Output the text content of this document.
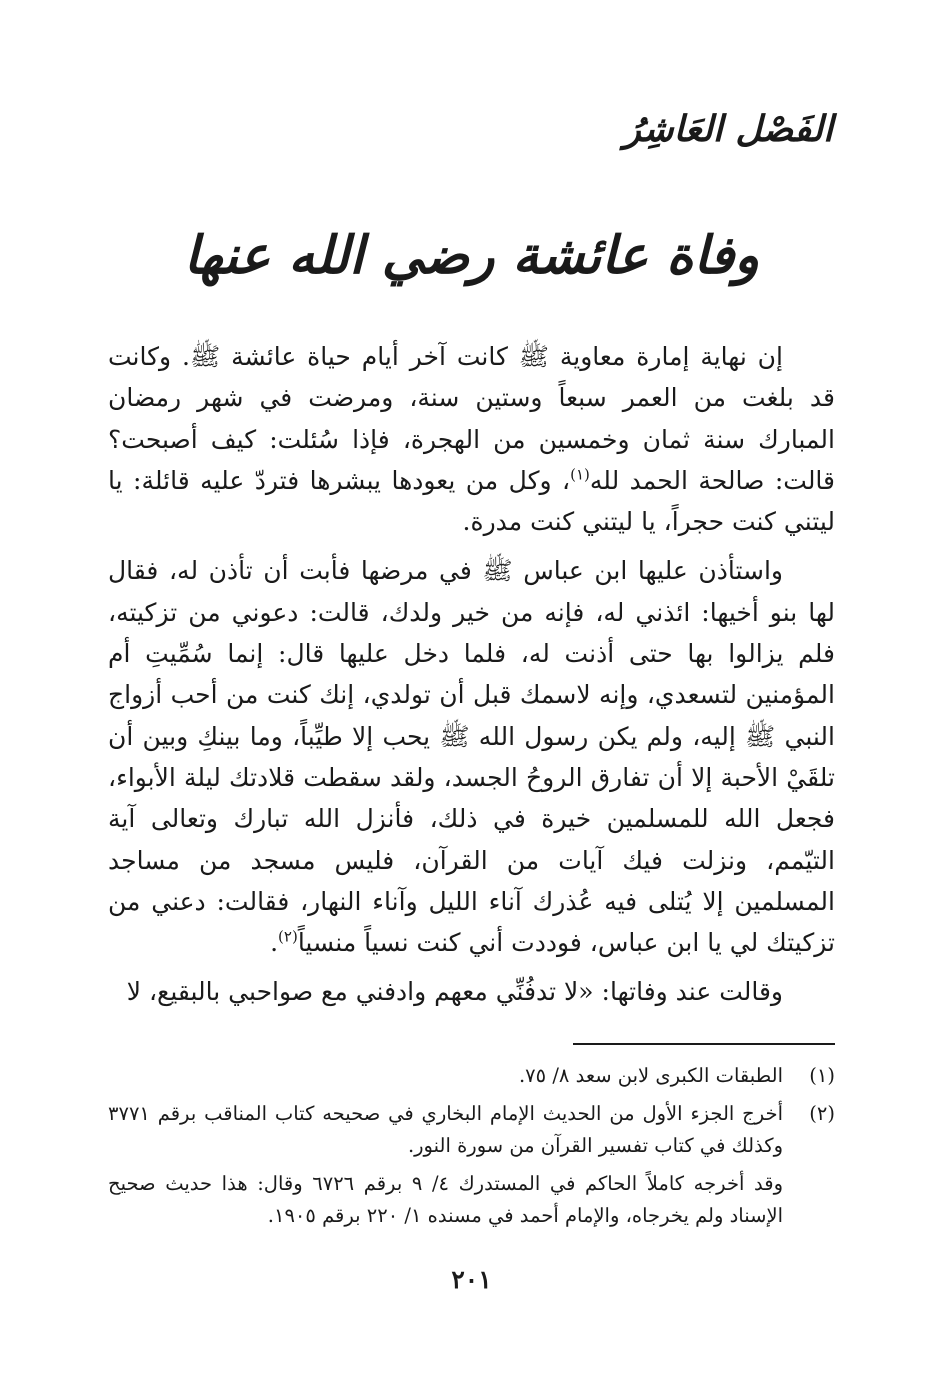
الفَصْل العَاشِرُ
وفاة عائشة رضي الله عنها

إن نهاية إمارة معاوية ﷺ كانت آخر أيام حياة عائشة ﷺ. وكانت قد بلغت من العمر سبعاً وستين سنة، ومرضت في شهر رمضان المبارك سنة ثمان وخمسين من الهجرة، فإذا سُئلت: كيف أصبحت؟ قالت: صالحة الحمد لله$^{(١)}$، وكل من يعودها يبشرها فتردّ عليه قائلة: يا ليتني كنت حجراً، يا ليتني كنت مدرة.

واستأذن عليها ابن عباس ﷺ في مرضها فأبت أن تأذن له، فقال لها بنو أخيها: ائذني له، فإنه من خير ولدك، قالت: دعوني من تزكيته، فلم يزالوا بها حتى أذنت له، فلما دخل عليها قال: إنما سُمِّيتِ أم المؤمنين لتسعدي، وإنه لاسمك قبل أن تولدي، إنك كنت من أحب أزواج النبي ﷺ إليه، ولم يكن رسول الله ﷺ يحب إلا طيِّباً، وما بينكِ وبين أن تلقَيْ الأحبة إلا أن تفارق الروحُ الجسد، ولقد سقطت قلادتك ليلة الأبواء، فجعل الله للمسلمين خيرة في ذلك، فأنزل الله تبارك وتعالى آية التيّمم، ونزلت فيك آيات من القرآن، فليس مسجد من مساجد المسلمين إلا يُتلى فيه عُذرك آناء الليل وآناء النهار، فقالت: دعني من تزكيتك لي يا ابن عباس، فوددت أني كنت نسياً منسياً$^{(٢)}$.

وقالت عند وفاتها: «لا تدفُنِّي معهم وادفني مع صواحبي بالبقيع، لا

(١)
الطبقات الكبرى لابن سعد ٨/ ٧٥.
(٢)
أخرج الجزء الأول من الحديث الإمام البخاري في صحيحه كتاب المناقب برقم ٣٧٧١ وكذلك في كتاب تفسير القرآن من سورة النور.
وقد أخرجه كاملاً الحاكم في المستدرك ٤/ ٩ برقم ٦٧٢٦ وقال: هذا حديث صحيح الإسناد ولم يخرجاه، والإمام أحمد في مسنده ١/ ٢٢٠ برقم ١٩٠٥.
٢٠١
